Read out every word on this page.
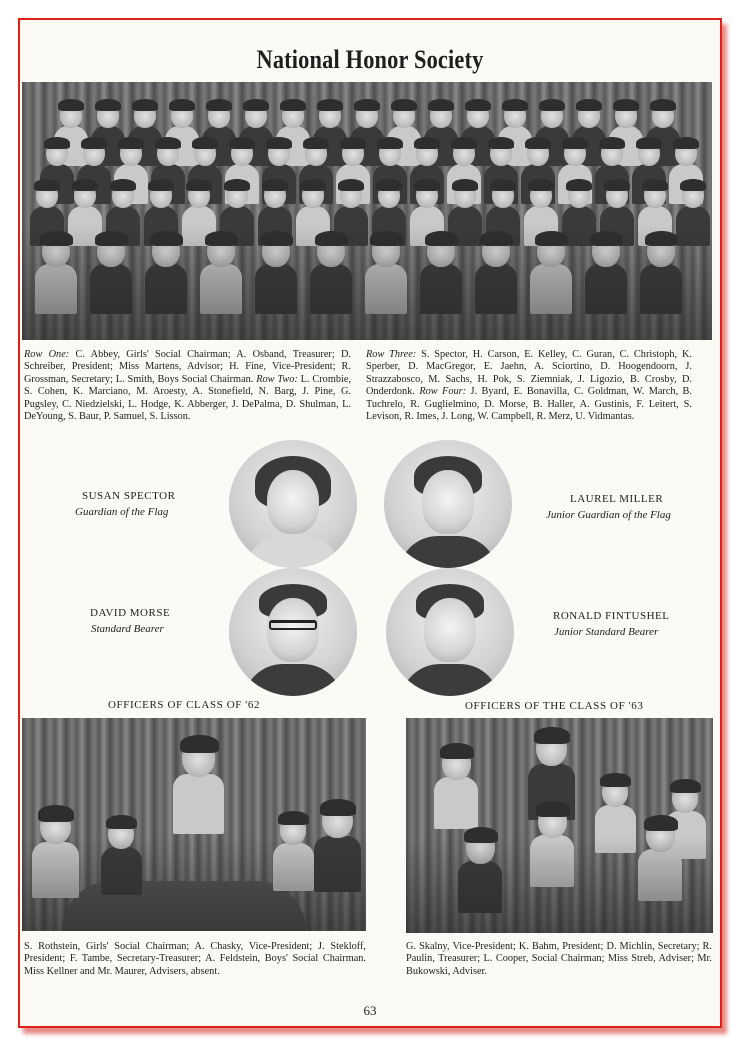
National Honor Society
Row One: C. Abbey, Girls' Social Chairman; A. Osband, Treasurer; D. Schreiber, President; Miss Martens, Advisor; H. Fine, Vice-President; R. Grossman, Secretary; L. Smith, Boys Social Chairman. Row Two: L. Crombie, S. Cohen, K. Marciano, M. Aroesty, A. Stonefield, N. Barg, J. Pine, G. Pugsley, C. Niedzielski, L. Hodge, K. Abberger, J. DePalma, D. Shulman, L. DeYoung, S. Baur, P. Samuel, S. Lisson.
Row Three: S. Spector, H. Carson, E. Kelley, C. Guran, C. Christoph, K. Sperber, D. MacGregor, E. Jaehn, A. Sciortino, D. Hoogendoorn, J. Strazzabosco, M. Sachs, H. Pok, S. Ziemniak, J. Ligozio, B. Crosby, D. Onderdonk. Row Four: J. Byard, E. Bonavilla, C. Goldman, W. March, B. Tuchrelo, R. Guglielmino, D. Morse, B. Haller, A. Gustinis, F. Leitert, S. Levison, R. Imes, J. Long, W. Campbell, R. Merz, U. Vidmantas.
SUSAN SPECTOR
Guardian of the Flag
LAUREL MILLER
Junior Guardian of the Flag
DAVID MORSE
Standard Bearer
RONALD FINTUSHEL
Junior Standard Bearer
OFFICERS OF CLASS OF '62	OFFICERS OF THE CLASS OF '63
S. Rothstein, Girls' Social Chairman; A. Chasky, Vice-President; J. Stekloff, President; F. Tambe, Secretary-Treasurer; A. Feldstein, Boys' Social Chairman. Miss Kellner and Mr. Maurer, Advisers, absent.
G. Skalny, Vice-President; K. Bahm, President; D. Michlin, Secretary; R. Paulin, Treasurer; L. Cooper, Social Chairman; Miss Streb, Adviser; Mr. Bukowski, Adviser.
63
